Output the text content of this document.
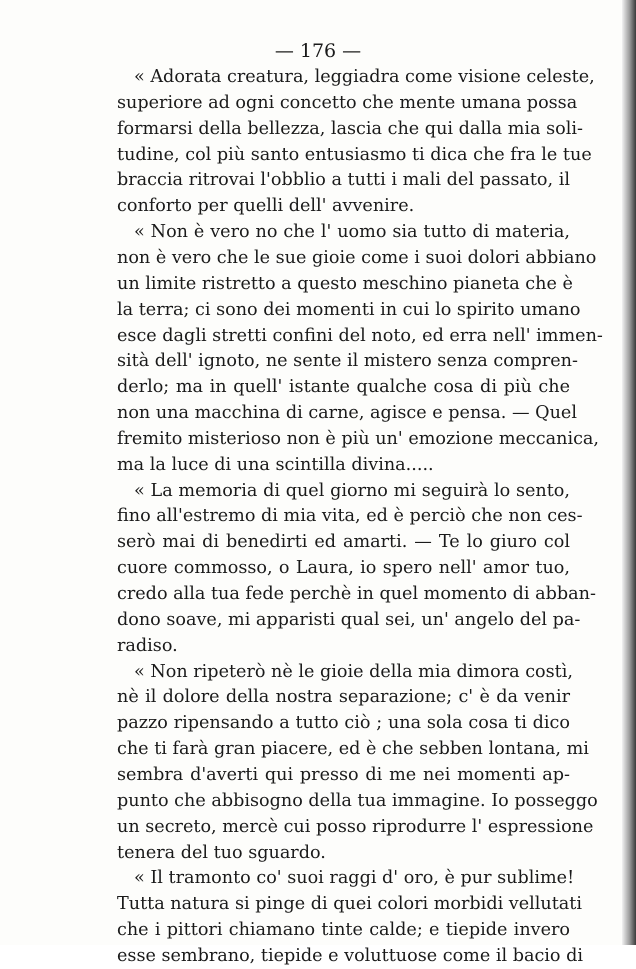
— 176 —
« Adorata creatura, leggiadra come visione celeste,
superiore ad ogni concetto che mente umana possa
formarsi della bellezza, lascia che qui dalla mia soli-
tudine, col più santo entusiasmo ti dica che fra le tue
braccia ritrovai l'obblio a tutti i mali del passato, il
conforto per quelli dell' avvenire.
« Non è vero no che l' uomo sia tutto di materia,
non è vero che le sue gioie come i suoi dolori abbiano
un limite ristretto a questo meschino pianeta che è
la terra; ci sono dei momenti in cui lo spirito umano
esce dagli stretti confini del noto, ed erra nell' immen-
sità dell' ignoto, ne sente il mistero senza compren-
derlo; ma in quell' istante qualche cosa di più che
non una macchina di carne, agisce e pensa. — Quel
fremito misterioso non è più un' emozione meccanica,
ma la luce di una scintilla divina.....
« La memoria di quel giorno mi seguirà lo sento,
fino all'estremo di mia vita, ed è perciò che non ces-
serò mai di benedirti ed amarti. — Te lo giuro col
cuore commosso, o Laura, io spero nell' amor tuo,
credo alla tua fede perchè in quel momento di abban-
dono soave, mi apparisti qual sei, un' angelo del pa-
radiso.
« Non ripeterò nè le gioie della mia dimora costì,
nè il dolore della nostra separazione; c' è da venir
pazzo ripensando a tutto ciò ; una sola cosa ti dico
che ti farà gran piacere, ed è che sebben lontana, mi
sembra d'averti qui presso di me nei momenti ap-
punto che abbisogno della tua immagine. Io posseggo
un secreto, mercè cui posso riprodurre l' espressione
tenera del tuo sguardo.
« Il tramonto co' suoi raggi d' oro, è pur sublime!
Tutta natura si pinge di quei colori morbidi vellutati
che i pittori chiamano tinte calde; e tiepide invero
esse sembrano, tiepide e voluttuose come il bacio di
